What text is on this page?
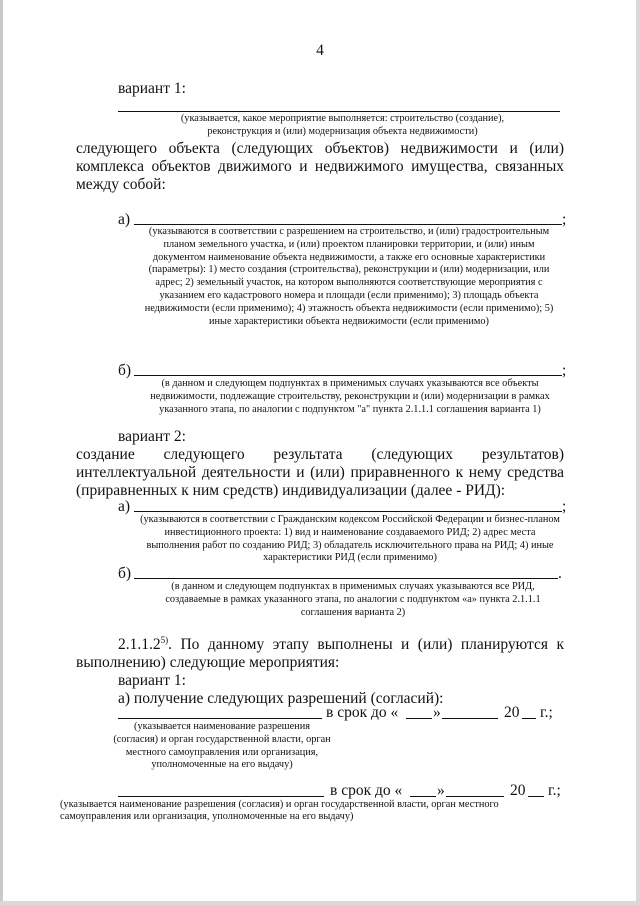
4
вариант 1:
(указывается, какое мероприятие выполняется: строительство (создание), реконструкция и (или) модернизация объекта недвижимости)
следующего объекта (следующих объектов) недвижимости и (или)
комплекса объектов движимого и недвижимого имущества, связанных
между собой:
а)	;
(указываются в соответствии с разрешением на строительство, и (или) градостроительным планом земельного участка, и (или) проектом планировки территории, и (или) иным документом наименование объекта недвижимости, а также его основные характеристики (параметры): 1) место создания (строительства), реконструкции и (или) модернизации, или адрес; 2) земельный участок, на котором выполняются соответствующие мероприятия с указанием его кадастрового номера и площади (если применимо); 3) площадь объекта недвижимости (если применимо); 4) этажность объекта недвижимости (если применимо); 5) иные характеристики объекта недвижимости (если применимо)
б)	;
(в данном и следующем подпунктах в применимых случаях указываются все объекты недвижимости, подлежащие строительству, реконструкции и (или) модернизации в рамках указанного этапа, по аналогии с подпунктом "а" пункта 2.1.1.1 соглашения варианта 1)
вариант 2:
создание следующего результата (следующих результатов)
интеллектуальной деятельности и (или) приравненного к нему средства
(приравненных к ним средств) индивидуализации (далее - РИД):
а)	;
(указываются в соответствии с Гражданским кодексом Российской Федерации и бизнес-планом инвестиционного проекта: 1) вид и наименование создаваемого РИД; 2) адрес места выполнения работ по созданию РИД; 3) обладатель исключительного права на РИД; 4) иные характеристики РИД (если применимо)
б)	.
(в данном и следующем подпунктах в применимых случаях указываются все РИД, создаваемые в рамках указанного этапа, по аналогии с подпунктом «а» пункта 2.1.1.1 соглашения варианта 2)
2.1.1.2$^{5)}$. По данному этапу выполнены и (или) планируются к
выполнению) следующие мероприятия:
вариант 1:
а) получение следующих разрешений (согласий):
в срок до « »	20 г.;
(указывается наименование разрешения (согласия) и орган государственной власти, орган местного самоуправления или организация, уполномоченные на его выдачу)
в срок до « »	20 г.;
(указывается наименование разрешения (согласия) и орган государственной власти, орган местного
самоуправления или организация, уполномоченные на его выдачу)
